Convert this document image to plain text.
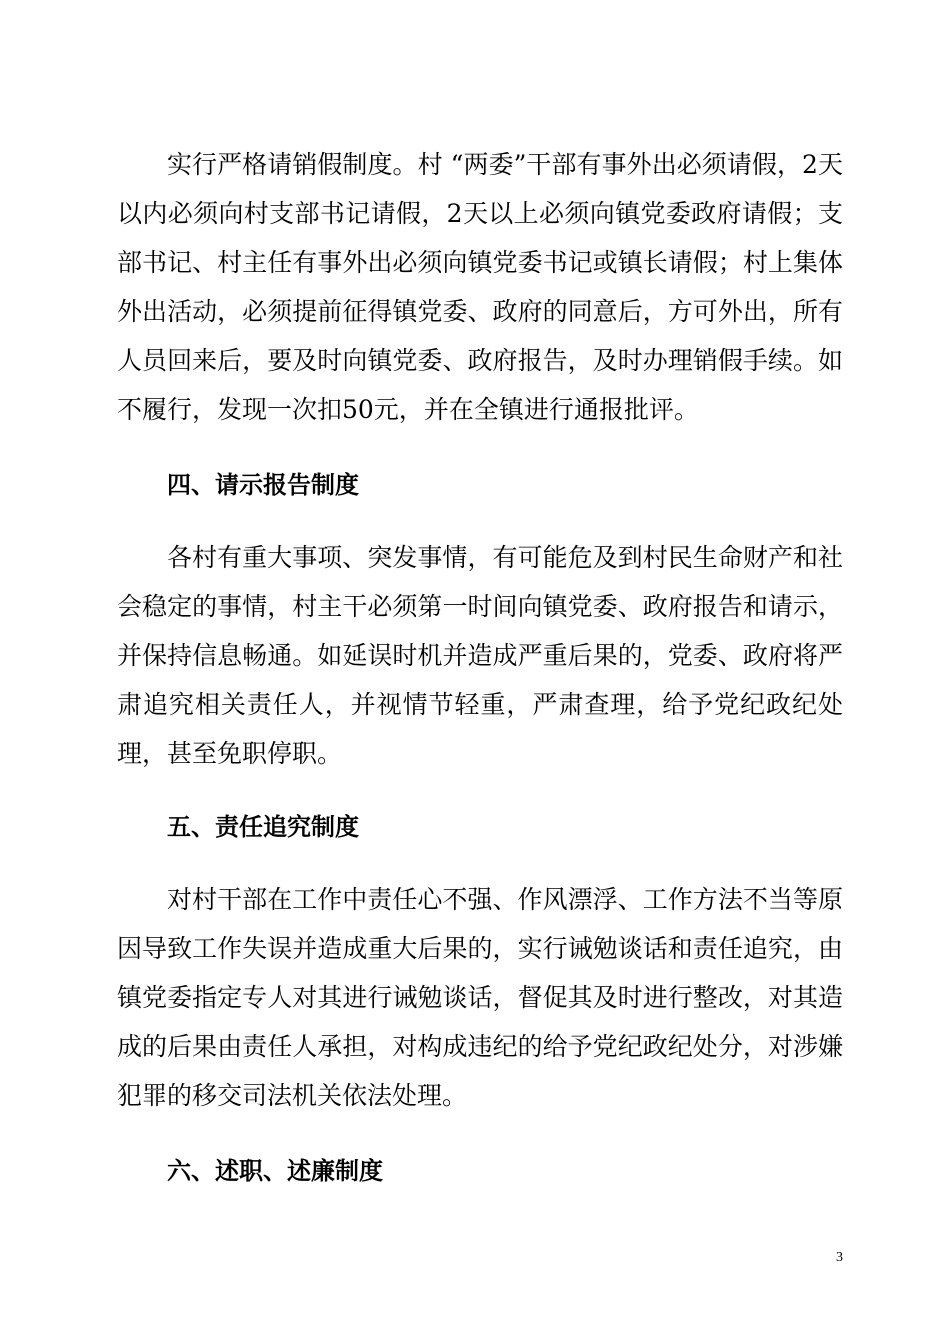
实行严格请销假制度。村 “两委”干部有事外出必须请假，2天以内必须向村支部书记请假，2天以上必须向镇党委政府请假；支部书记、村主任有事外出必须向镇党委书记或镇长请假；村上集体外出活动，必须提前征得镇党委、政府的同意后，方可外出，所有人员回来后，要及时向镇党委、政府报告，及时办理销假手续。如不履行，发现一次扣50元，并在全镇进行通报批评。

四、请示报告制度

各村有重大事项、突发事情，有可能危及到村民生命财产和社会稳定的事情，村主干必须第一时间向镇党委、政府报告和请示，并保持信息畅通。如延误时机并造成严重后果的，党委、政府将严肃追究相关责任人，并视情节轻重，严肃查理，给予党纪政纪处理，甚至免职停职。

五、责任追究制度

对村干部在工作中责任心不强、作风漂浮、工作方法不当等原因导致工作失误并造成重大后果的，实行诫勉谈话和责任追究，由镇党委指定专人对其进行诫勉谈话，督促其及时进行整改，对其造成的后果由责任人承担，对构成违纪的给予党纪政纪处分，对涉嫌犯罪的移交司法机关依法处理。

六、述职、述廉制度
3
